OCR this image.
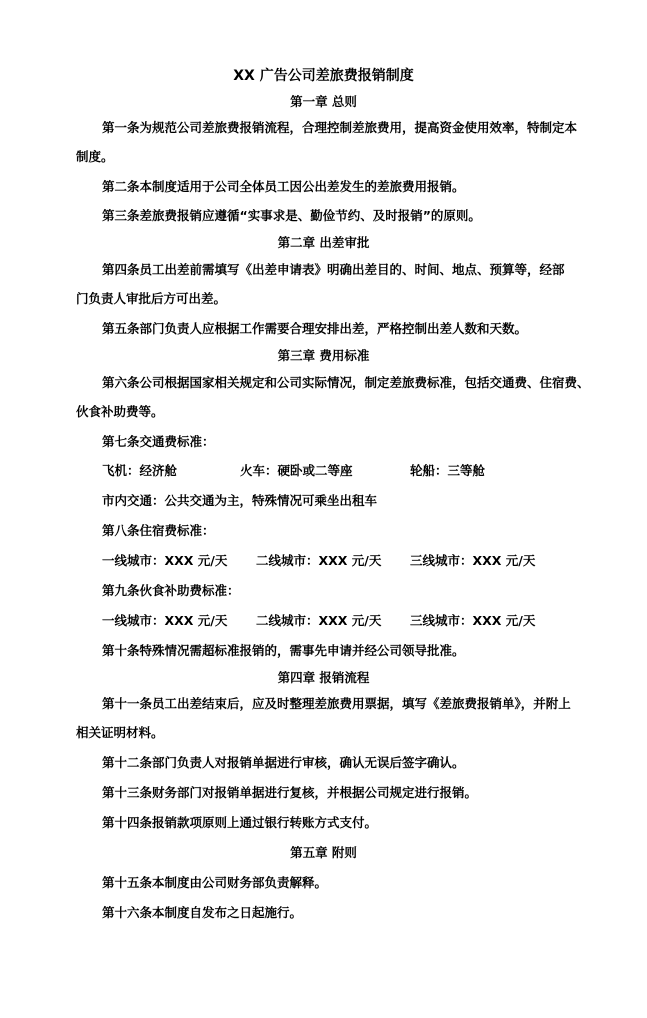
XX 广告公司差旅费报销制度
第一章 总则
第一条为规范公司差旅费报销流程，合理控制差旅费用，提高资金使用效率，特制定本
制度。
第二条本制度适用于公司全体员工因公出差发生的差旅费用报销。
第三条差旅费报销应遵循“实事求是、勤俭节约、及时报销”的原则。
第二章 出差审批
第四条员工出差前需填写《出差申请表》明确出差目的、时间、地点、预算等，经部
门负责人审批后方可出差。
第五条部门负责人应根据工作需要合理安排出差，严格控制出差人数和天数。
第三章 费用标准
第六条公司根据国家相关规定和公司实际情况，制定差旅费标准，包括交通费、住宿费、
伙食补助费等。
第七条交通费标准：
飞机：经济舱	火车：硬卧或二等座	轮船：三等舱
市内交通：公共交通为主，特殊情况可乘坐出租车
第八条住宿费标准：
一线城市：XXX 元/天 二线城市：XXX 元/天 三线城市：XXX 元/天
第九条伙食补助费标准：
一线城市：XXX 元/天 二线城市：XXX 元/天 三线城市：XXX 元/天
第十条特殊情况需超标准报销的，需事先申请并经公司领导批准。
第四章 报销流程
第十一条员工出差结束后，应及时整理差旅费用票据，填写《差旅费报销单》，并附上
相关证明材料。
第十二条部门负责人对报销单据进行审核，确认无误后签字确认。
第十三条财务部门对报销单据进行复核，并根据公司规定进行报销。
第十四条报销款项原则上通过银行转账方式支付。
第五章 附则
第十五条本制度由公司财务部负责解释。
第十六条本制度自发布之日起施行。
